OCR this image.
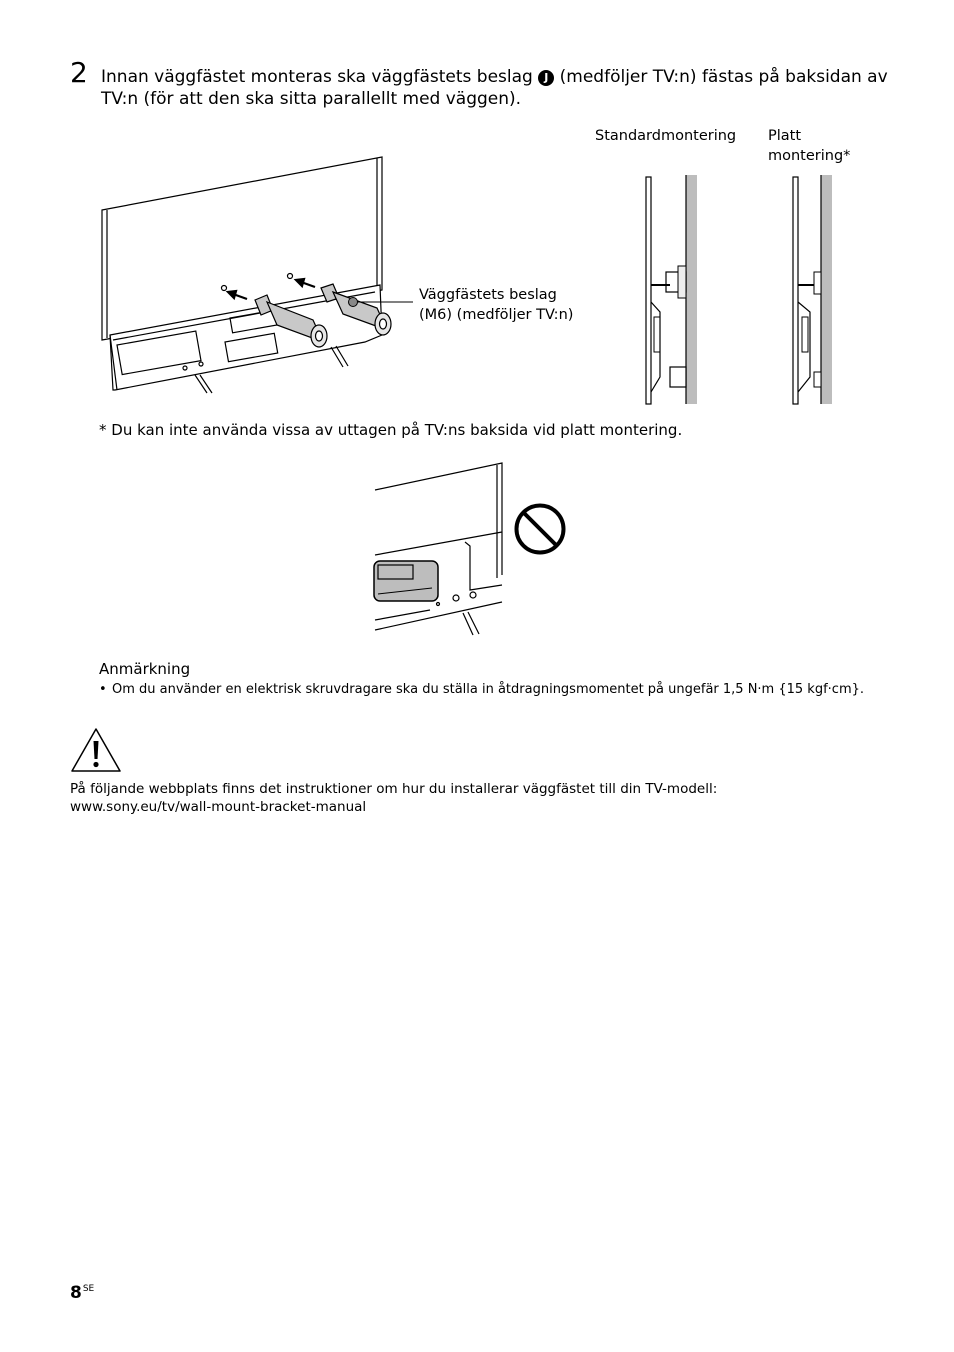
2 Innan väggfästet monteras ska väggfästets beslag J (medföljer TV:n) fästas på baksidan av TV:n (för att den ska sitta parallellt med väggen).
Väggfästets beslag
(M6) (medföljer TV:n)
Standardmontering Platt
montering*
* Du kan inte använda vissa av uttagen på TV:ns baksida vid platt montering.
Anmärkning
• Om du använder en elektrisk skruvdragare ska du ställa in åtdragningsmomentet på ungefär 1,5 N·m {15 kgf·cm}.
På följande webbplats finns det instruktioner om hur du installerar väggfästet till din TV-modell:
www.sony.eu/tv/wall-mount-bracket-manual
$8^{SE}$
